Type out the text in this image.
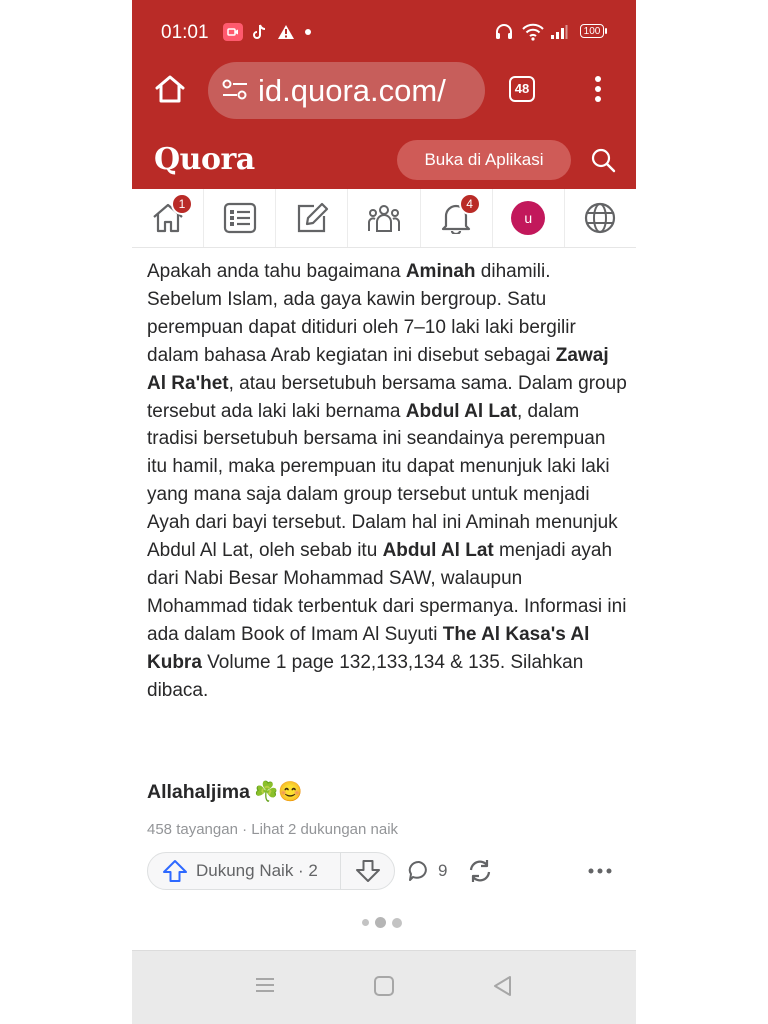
01:01	100
id.quora.com/	48
Quora	Buka di Aplikasi
1	4
u
Apakah anda tahu bagaimana Aminah dihamili. Sebelum Islam, ada gaya kawin bergroup. Satu perempuan dapat ditiduri oleh 7–10 laki laki bergilir dalam bahasa Arab kegiatan ini disebut sebagai Zawaj Al Ra'het, atau bersetubuh bersama sama. Dalam group tersebut ada laki laki bernama Abdul Al Lat, dalam tradisi bersetubuh bersama ini seandainya perempuan itu hamil, maka perempuan itu dapat menunjuk laki laki yang mana saja dalam group tersebut untuk menjadi Ayah dari bayi tersebut. Dalam hal ini Aminah menunjuk Abdul Al Lat, oleh sebab itu Abdul Al Lat menjadi ayah dari Nabi Besar Mohammad SAW, walaupun Mohammad tidak terbentuk dari spermanya. Informasi ini ada dalam Book of Imam Al Suyuti The Al Kasa's Al Kubra Volume 1 page 132,133,134 & 135. Silahkan dibaca.
Allahaljima ☘️😊
458 tayangan · Lihat 2 dukungan naik
Dukung Naik · 2	9
